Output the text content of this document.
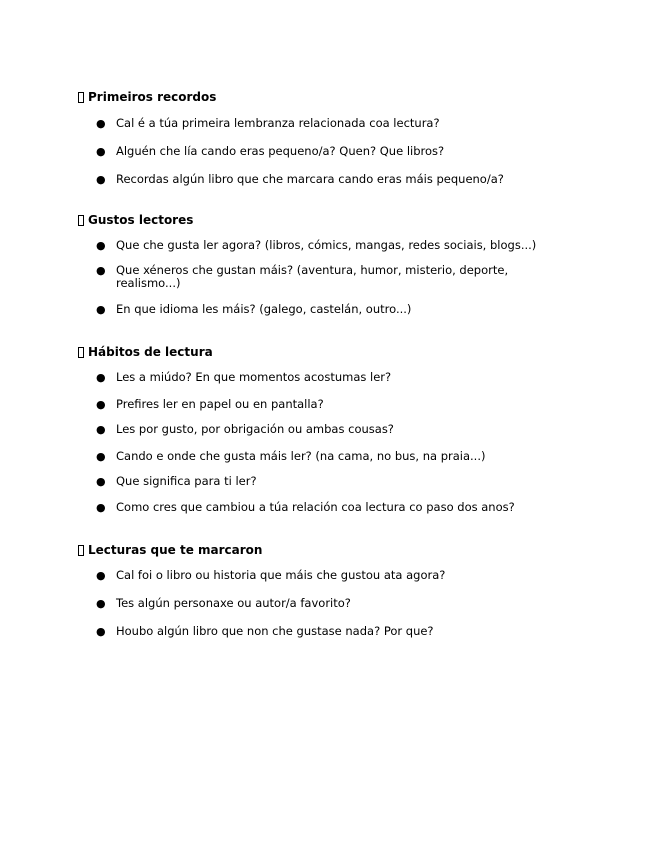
Primeiros recordos
● Cal é a túa primeira lembranza relacionada coa lectura?
● Alguén che lía cando eras pequeno/a? Quen? Que libros?
● Recordas algún libro que che marcara cando eras máis pequeno/a?
Gustos lectores
● Que che gusta ler agora? (libros, cómics, mangas, redes sociais, blogs...)
● Que xéneros che gustan máis? (aventura, humor, misterio, deporte, realismo...)
● En que idioma les máis? (galego, castelán, outro...)
Hábitos de lectura
● Les a miúdo? En que momentos acostumas ler?
● Prefires ler en papel ou en pantalla?
● Les por gusto, por obrigación ou ambas cousas?
● Cando e onde che gusta máis ler? (na cama, no bus, na praia...)
● Que significa para ti ler?
● Como cres que cambiou a túa relación coa lectura co paso dos anos?
Lecturas que te marcaron
● Cal foi o libro ou historia que máis che gustou ata agora?
● Tes algún personaxe ou autor/a favorito?
● Houbo algún libro que non che gustase nada? Por que?
